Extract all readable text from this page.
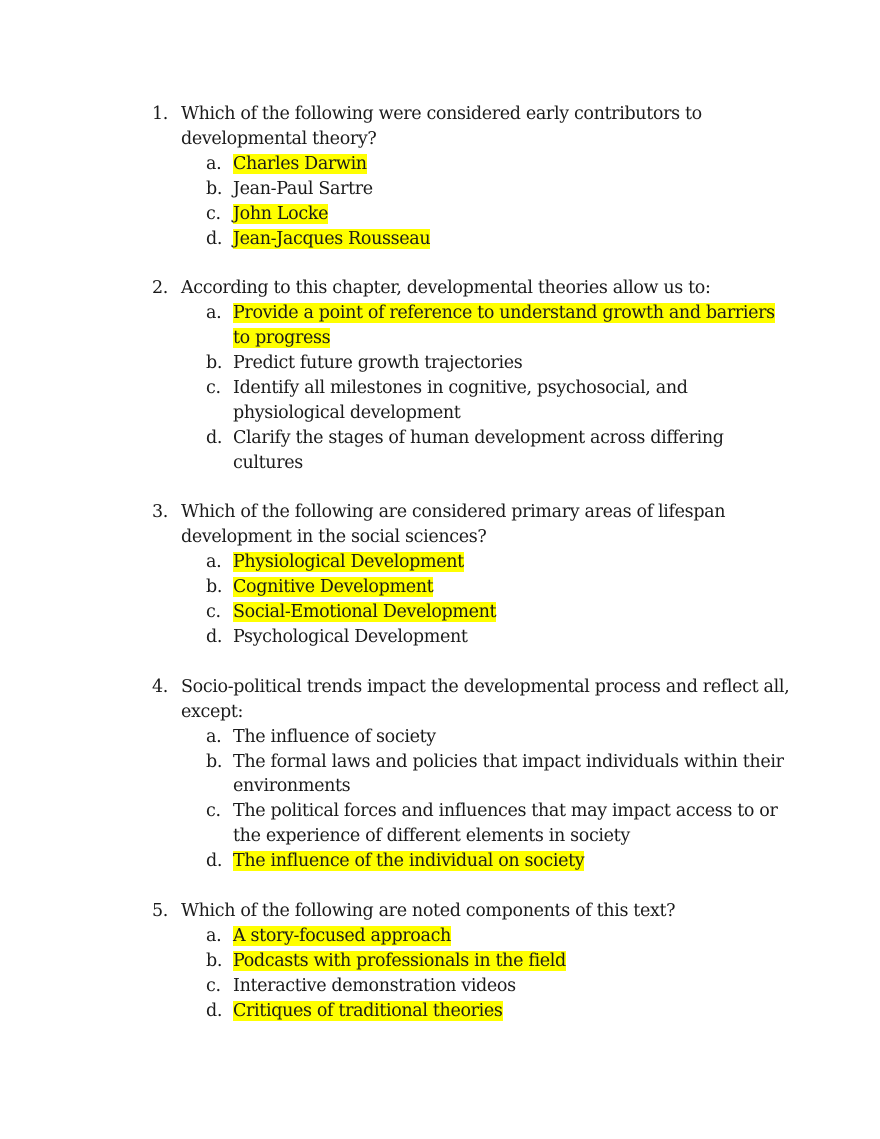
1. Which of the following were considered early contributors to developmental theory?
a. Charles Darwin
b. Jean-Paul Sartre
c. John Locke
d. Jean-Jacques Rousseau
2. According to this chapter, developmental theories allow us to:
a. Provide a point of reference to understand growth and barriers to progress
b. Predict future growth trajectories
c. Identify all milestones in cognitive, psychosocial, and physiological development
d. Clarify the stages of human development across differing cultures
3. Which of the following are considered primary areas of lifespan development in the social sciences?
a. Physiological Development
b. Cognitive Development
c. Social-Emotional Development
d. Psychological Development
4. Socio-political trends impact the developmental process and reflect all, except:
a. The influence of society
b. The formal laws and policies that impact individuals within their environments
c. The political forces and influences that may impact access to or the experience of different elements in society
d. The influence of the individual on society
5. Which of the following are noted components of this text?
a. A story-focused approach
b. Podcasts with professionals in the field
c. Interactive demonstration videos
d. Critiques of traditional theories
